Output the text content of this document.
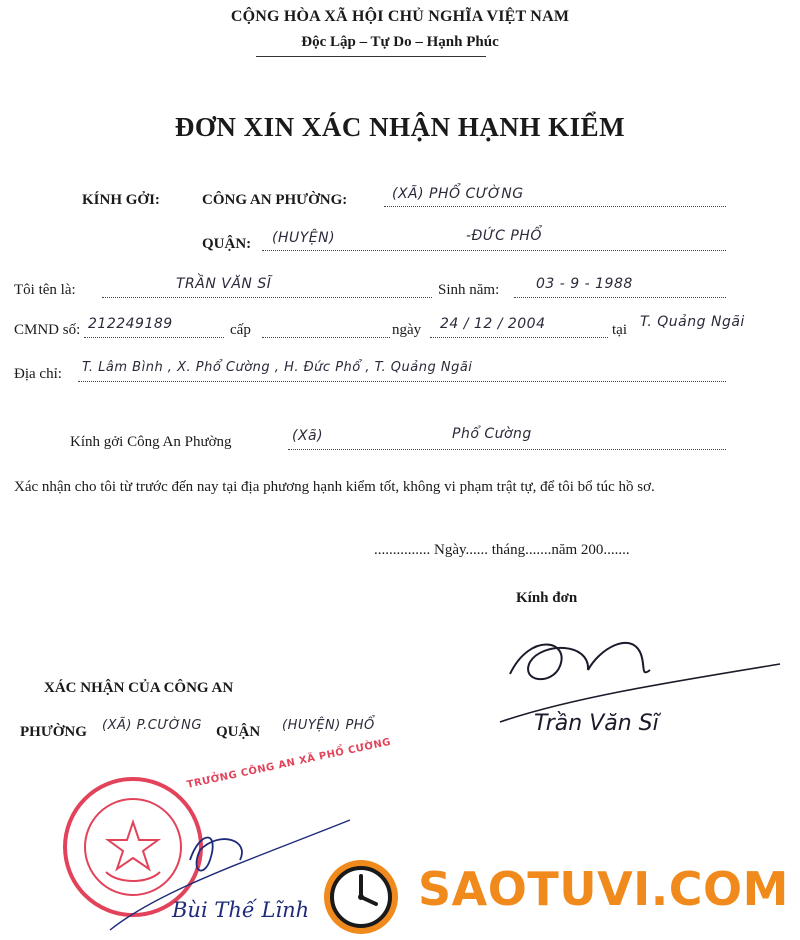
CỘNG HÒA XÃ HỘI CHỦ NGHĨA VIỆT NAM
Độc Lập – Tự Do – Hạnh Phúc
ĐƠN XIN XÁC NHẬN HẠNH KIỂM
KÍNH GỞI:	CÔNG AN PHƯỜNG:	(XÃ) PHỔ CƯỜNG
QUẬN: (HUYỆN)	-ĐỨC PHỔ
Tôi tên là:	TRẦN VĂN SĨ	Sinh năm:	03 - 9 - 1988
CMND số: 212249189	cấp	ngày 24 / 12 / 2004	tại T. Quảng Ngãi
Địa chỉ: T. Lâm Bình , X. Phổ Cường , H. Đức Phổ , T. Quảng Ngãi
Kính gởi Công An Phường	(Xã)	Phổ Cường
Xác nhận cho tôi từ trước đến nay tại địa phương hạnh kiểm tốt, không vi phạm trật tự, để tôi bổ túc hồ sơ.
............... Ngày...... tháng.......năm 200.......
Kính đơn
Trần Văn Sĩ
XÁC NHẬN CỦA CÔNG AN
PHƯỜNG (XÃ) P.CƯỜNG QUẬN (HUYỆN) PHỔ
TRƯỞNG CÔNG AN XÃ PHỔ CƯỜNG
Bùi Thế Lĩnh SAOTUVI.COM
